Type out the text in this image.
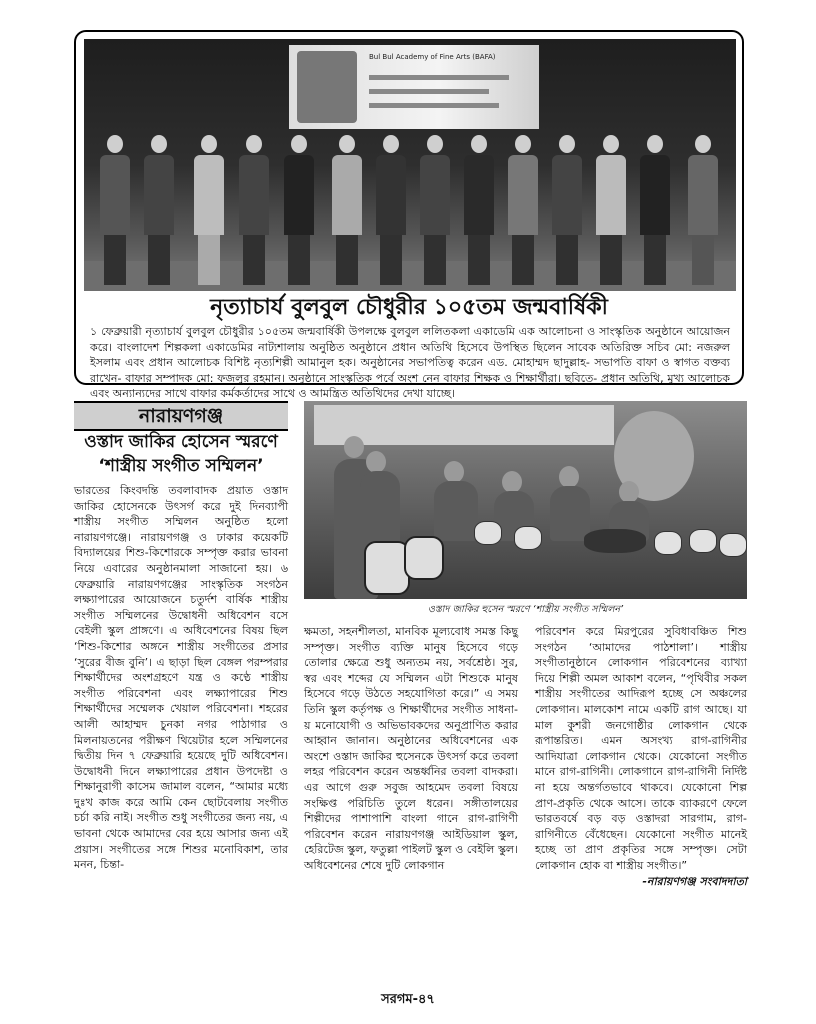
Bul Bul Academy of Fine Arts (BAFA)
নৃত্যাচার্য বুলবুল চৌধুরীর ১০৫তম জন্মবার্ষিকী
১ ফেব্রুয়ারী নৃত্যাচার্য বুলবুল চৌধুরীর ১০৫তম জন্মবার্ষিকী উপলক্ষে বুলবুল ললিতকলা একাডেমি এক আলোচনা ও সাংস্কৃতিক অনুষ্ঠানে আয়োজন করে। বাংলাদেশ শিল্পকলা একাডেমির নাট্যশালায় অনুষ্ঠিত অনুষ্ঠানে প্রধান অতিথি হিসেবে উপস্থিত ছিলেন সাবেক অতিরিক্ত সচিব মো: নজরুল ইসলাম এবং প্রধান আলোচক বিশিষ্ট নৃত্যশিল্পী আমানুল হক। অনুষ্ঠানের সভাপতিত্ব করেন এড. মোহাম্মদ ছাদুল্লাহ- সভাপতি বাফা ও স্বাগত বক্তব্য রাখেন- বাফার সম্পাদক মো: ফজলুর রহমান। অনুষ্ঠানে সাংস্কৃতিক পর্বে অংশ নেন বাফার শিক্ষক ও শিক্ষার্থীরা। ছবিতে- প্রধান অতিথি, মুখ্য আলোচক এবং অন্যান্যদের সাথে বাফার কর্মকর্তাদের সাথে ও আমন্ত্রিত অতিথিদের দেখা যাচ্ছে।
নারায়ণগঞ্জ
ওস্তাদ জাকির হোসেন স্মরণে
‘শাস্ত্রীয় সংগীত সম্মিলন’
ভারতের কিংবদন্তি তবলাবাদক প্রয়াত ওস্তাদ জাকির হোসেনকে উৎসর্গ করে দুই দিনব্যাপী শাস্ত্রীয় সংগীত সম্মিলন অনুষ্ঠিত হলো নারায়ণগঞ্জে। নারায়ণগঞ্জ ও ঢাকার কয়েকটি বিদ্যালয়ের শিশু-কিশোরকে সম্পৃক্ত করার ভাবনা নিয়ে এবারের অনুষ্ঠানমালা সাজানো হয়। ৬ ফেব্রুয়ারি নারায়ণগঞ্জের সাংস্কৃতিক সংগঠন লক্ষ্যাপারের আয়োজনে চতুর্দশ বার্ষিক শাস্ত্রীয় সংগীত সম্মিলনের উদ্বোধনী অধিবেশন বসে বেইলী স্কুল প্রাঙ্গণে। এ অধিবেশনের বিষয় ছিল ‘শিশু-কিশোর অঙ্গনে শাস্ত্রীয় সংগীতের প্রসার ‘সুরের বীজ বুনি’। এ ছাড়া ছিল বেঙ্গল পরম্পরার শিক্ষার্থীদের অংশগ্রহণে যন্ত্র ও কণ্ঠে শাস্ত্রীয় সংগীত পরিবেশনা এবং লক্ষ্যাপারের শিশু শিক্ষার্থীদের সম্মেলক খেয়াল পরিবেশনা। শহরের আলী আহাম্মদ চুনকা নগর পাঠাগার ও মিলনায়তনের পরীক্ষণ থিয়েটার হলে সম্মিলনের দ্বিতীয় দিন ৭ ফেব্রুয়ারি হয়েছে দুটি অধিবেশন। উদ্বোধনী দিনে লক্ষ্যাপারের প্রধান উপদেষ্টা ও শিক্ষানুরাগী কাসেম জামাল বলেন, “আমার মধ্যে দুঃখ কাজ করে আমি কেন ছোটবেলায় সংগীত চর্চা করি নাই। সংগীত শুধু সংগীতের জন্য নয়, এ ভাবনা থেকে আমাদের বের হয়ে আসার জন্য এই প্রয়াস। সংগীতের সঙ্গে শিশুর মনোবিকাশ, তার মনন, চিন্তা-
ওস্তাদ জাকির হুসেন স্মরণে ‘শাস্ত্রীয় সংগীত সম্মিলন’
ক্ষমতা, সহনশীলতা, মানবিক মূল্যবোধ সমস্ত কিছু সম্পৃক্ত। সংগীত ব্যক্তি মানুষ হিসেবে গড়ে তোলার ক্ষেত্রে শুধু অন্যতম নয়, সর্বশ্রেষ্ঠ। সুর, স্বর এবং শব্দের যে সম্মিলন এটা শিশুকে মানুষ হিসেবে গড়ে উঠতে সহযোগিতা করে।” এ সময় তিনি স্কুল কর্তৃপক্ষ ও শিক্ষার্থীদের সংগীত সাধনা-য় মনোযোগী ও অভিভাবকদের অনুপ্রাণিত করার আহ্বান জানান। অনুষ্ঠানের অধিবেশনের এক অংশে ওস্তাদ জাকির হুসেনকে উৎসর্গ করে তবলা লহর পরিবেশন করেন অন্তর্ধ্বনির তবলা বাদকরা। এর আগে গুরু সবুজ আহমেদ তবলা বিষয়ে সংক্ষিপ্ত পরিচিতি তুলে ধরেন। সঙ্গীতালয়ের শিল্পীদের পাশাপাশি বাংলা গানে রাগ-রাগিণী পরিবেশন করেন নারায়ণগঞ্জ আইডিয়াল স্কুল, হেরিটেজ স্কুল, ফতুল্লা পাইলট স্কুল ও বেইলি স্কুল। অধিবেশনের শেষে দুটি লোকগান
পরিবেশন করে মিরপুরের সুবিধাবঞ্চিত শিশু সংগঠন ‘আমাদের পাঠশালা’। শাস্ত্রীয় সংগীতানুষ্ঠানে লোকগান পরিবেশনের ব্যাখ্যা দিয়ে শিল্পী অমল আকাশ বলেন, “পৃথিবীর সকল শাস্ত্রীয় সংগীতের আদিরূপ হচ্ছে সে অঞ্চলের লোকগান। মালকোশ নামে একটি রাগ আছে। যা মাল কুশরী জনগোষ্ঠীর লোকগান থেকে রূপান্তরিত। এমন অসংখ্য রাগ-রাগিনীর আদিযাত্রা লোকগান থেকে। যেকোনো সংগীত মানে রাগ-রাগিনী। লোকগানে রাগ-রাগিনী নির্দিষ্ট না হয়ে অন্তর্গতভাবে থাকবে। যেকোনো শিল্প প্রাণ-প্রকৃতি থেকে আসে। তাকে ব্যাকরণে ফেলে ভারতবর্ষে বড় বড় ওস্তাদরা সারগাম, রাগ-রাগিনীতে বেঁধেছেন। যেকোনো সংগীত মানেই হচ্ছে তা প্রাণ প্রকৃতির সঙ্গে সম্পৃক্ত। সেটা লোকগান হোক বা শাস্ত্রীয় সংগীত।”
-নারায়ণগঞ্জ সংবাদদাতা
সরগম-৪৭
